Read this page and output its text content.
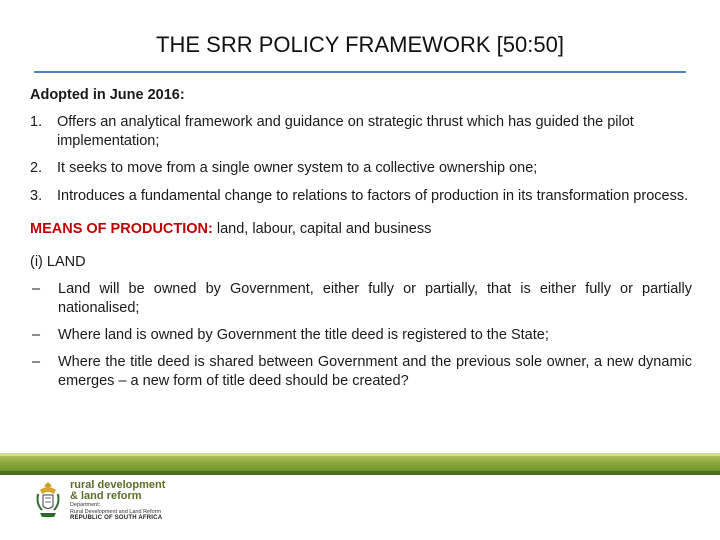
THE SRR POLICY FRAMEWORK [50:50]

Adopted in June 2016:

1. Offers an analytical framework and guidance on strategic thrust which has guided the pilot implementation;
2. It seeks to move from a single owner system to a collective ownership one;
3. Introduces a fundamental change to relations to factors of production in its transformation process.

MEANS OF PRODUCTION: land, labour, capital and business

(i) LAND

– Land will be owned by Government, either fully or partially, that is either fully or partially nationalised;
– Where land is owned by Government the title deed is registered to the State;
– Where the title deed is shared between Government and the previous sole owner, a new dynamic emerges – a new form of title deed should be created?
rural development
& land reform
Department:
Rural Development and Land Reform
REPUBLIC OF SOUTH AFRICA
